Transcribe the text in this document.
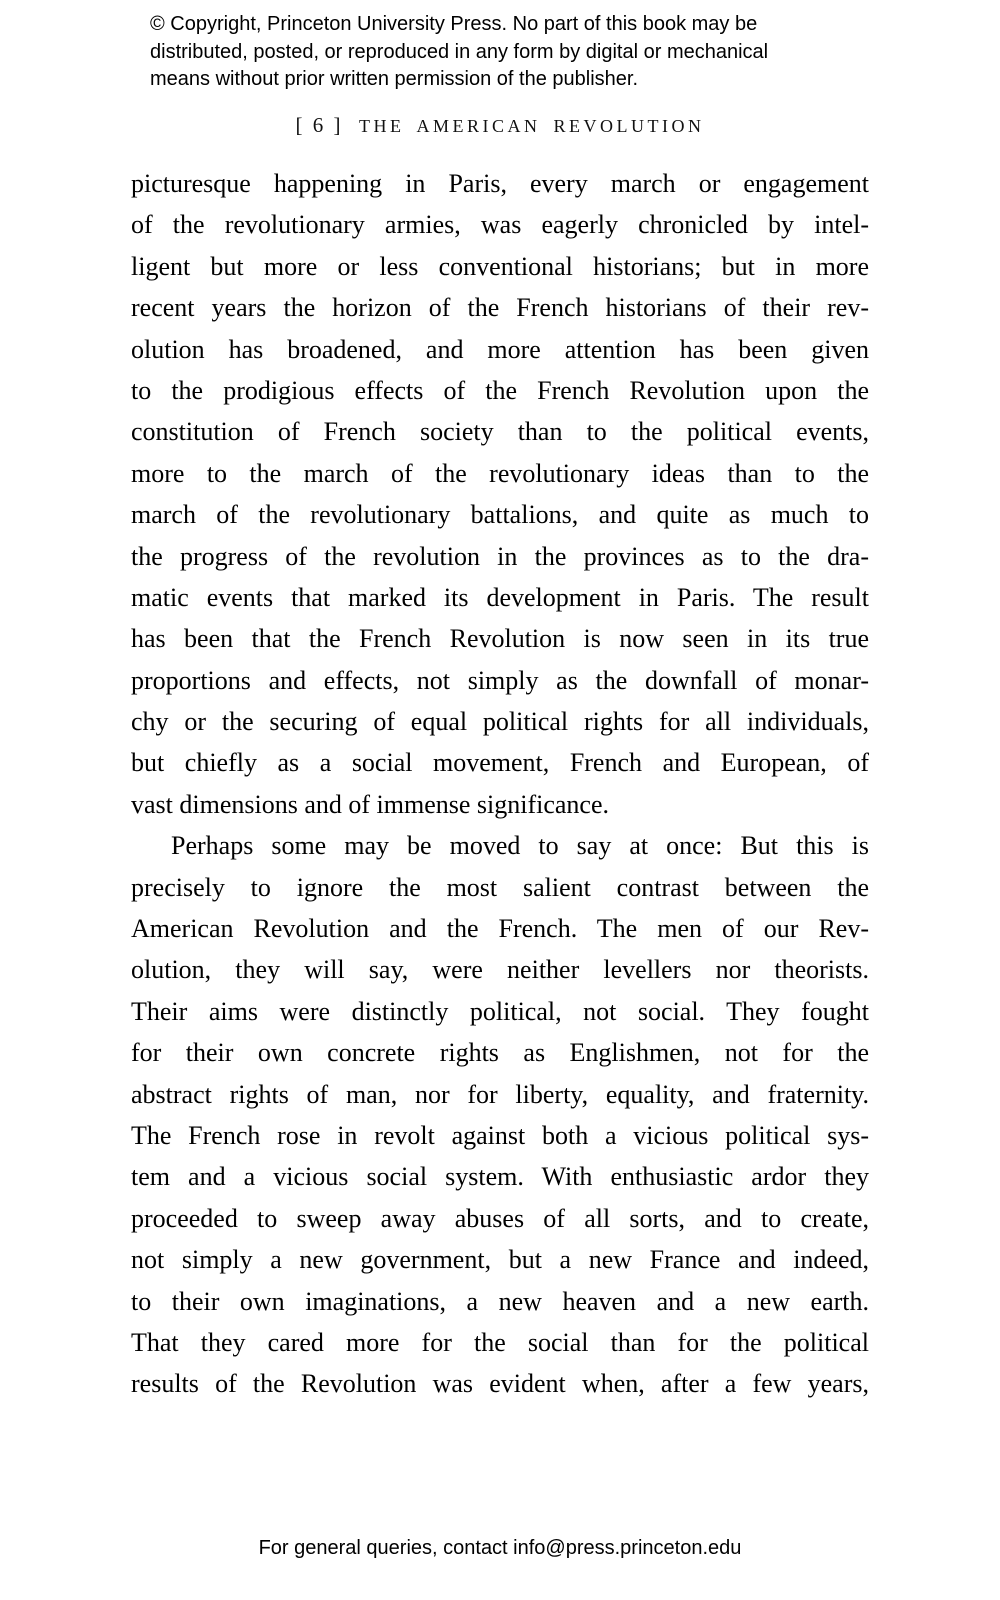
© Copyright, Princeton University Press. No part of this book may be
distributed, posted, or reproduced in any form by digital or mechanical
means without prior written permission of the publisher.
[ 6 ] THE AMERICAN REVOLUTION
picturesque happening in Paris, every march or engagement
of the revolutionary armies, was eagerly chronicled by intel-
ligent but more or less conventional historians; but in more
recent years the horizon of the French historians of their rev-
olution has broadened, and more attention has been given
to the prodigious effects of the French Revolution upon the
constitution of French society than to the political events,
more to the march of the revolutionary ideas than to the
march of the revolutionary battalions, and quite as much to
the progress of the revolution in the provinces as to the dra-
matic events that marked its development in Paris. The result
has been that the French Revolution is now seen in its true
proportions and effects, not simply as the downfall of monar-
chy or the securing of equal political rights for all individuals,
but chiefly as a social movement, French and European, of
vast dimensions and of immense significance.
Perhaps some may be moved to say at once: But this is
precisely to ignore the most salient contrast between the
American Revolution and the French. The men of our Rev-
olution, they will say, were neither levellers nor theorists.
Their aims were distinctly political, not social. They fought
for their own concrete rights as Englishmen, not for the
abstract rights of man, nor for liberty, equality, and fraternity.
The French rose in revolt against both a vicious political sys-
tem and a vicious social system. With enthusiastic ardor they
proceeded to sweep away abuses of all sorts, and to create,
not simply a new government, but a new France and indeed,
to their own imaginations, a new heaven and a new earth.
That they cared more for the social than for the political
results of the Revolution was evident when, after a few years,
For general queries, contact info@press.princeton.edu
